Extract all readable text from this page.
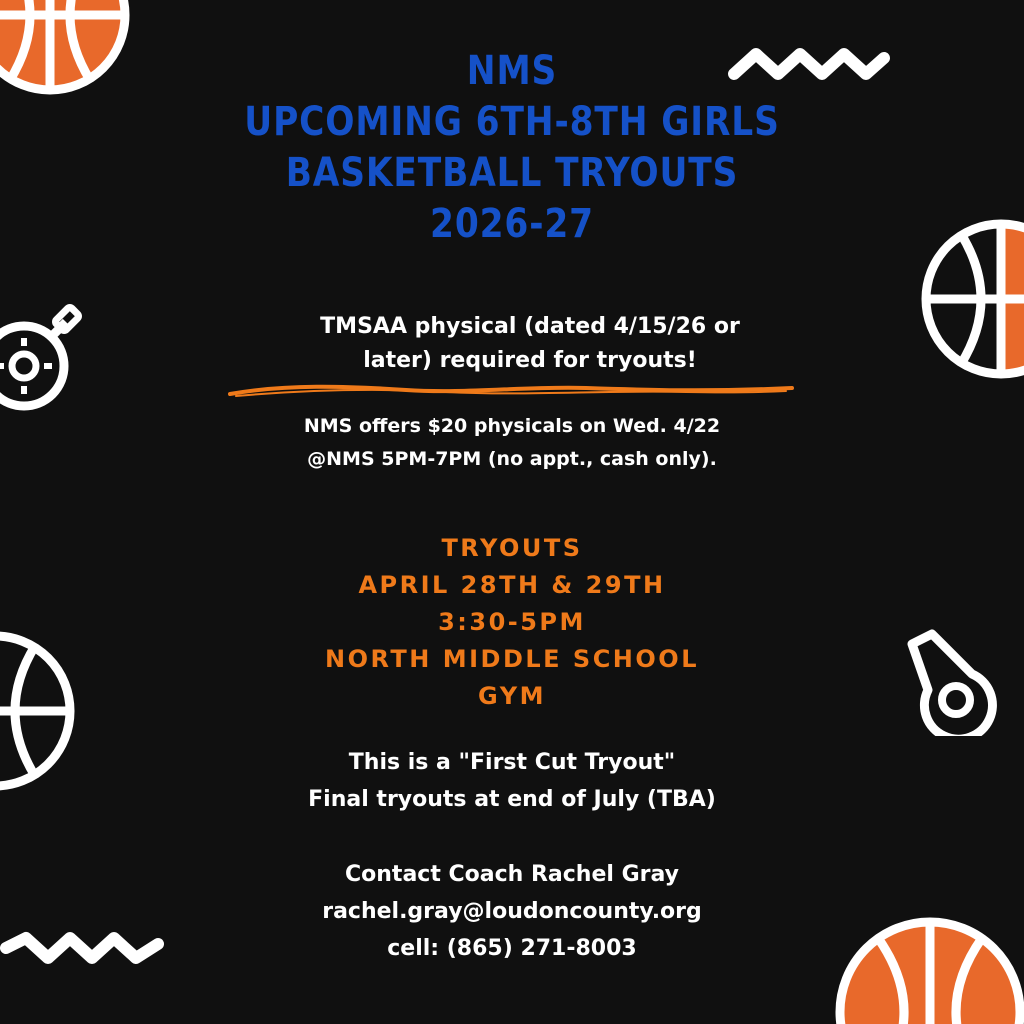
NMS
UPCOMING 6TH-8TH GIRLS
BASKETBALL TRYOUTS
2026-27
TMSAA physical (dated 4/15/26 or
later) required for tryouts!
NMS offers $20 physicals on Wed. 4/22
@NMS 5PM-7PM (no appt., cash only).
TRYOUTS
APRIL 28TH & 29TH
3:30-5PM
NORTH MIDDLE SCHOOL
GYM
This is a "First Cut Tryout"
Final tryouts at end of July (TBA)
Contact Coach Rachel Gray
rachel.gray@loudoncounty.org
cell: (865) 271-8003
